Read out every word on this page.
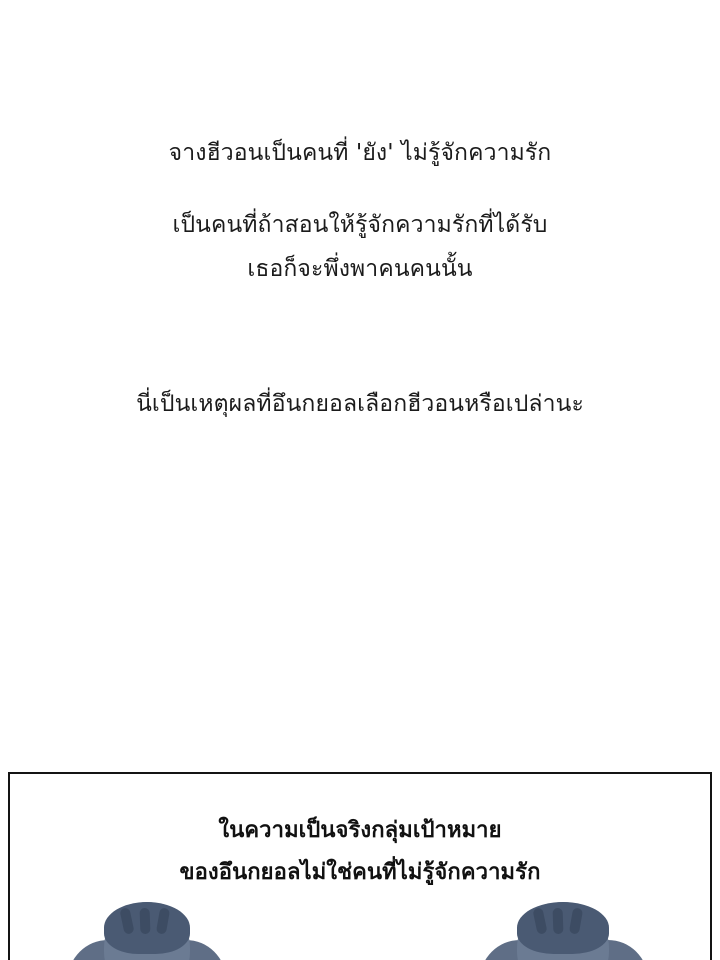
จางฮีวอนเป็นคนที่ 'ยัง' ไม่รู้จักความรัก
เป็นคนที่ถ้าสอนให้รู้จักความรักที่ได้รับ
เธอก็จะพึ่งพาคนคนนั้น
นี่เป็นเหตุผลที่อึนกยอลเลือกฮีวอนหรือเปล่านะ
ในความเป็นจริงกลุ่มเป้าหมาย
ของอึนกยอลไม่ใช่คนที่ไม่รู้จักความรัก
